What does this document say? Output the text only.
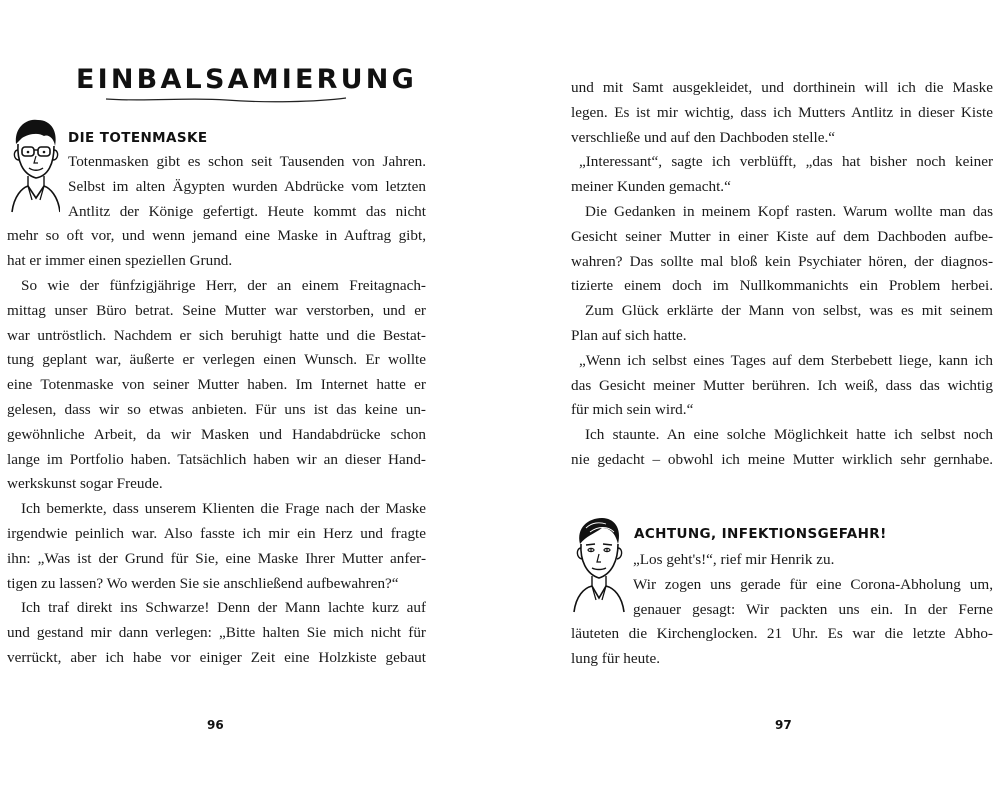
EINBALSAMIERUNG
DIE TOTENMASKE
Totenmasken gibt es schon seit Tausenden von Jahren.
Selbst im alten Ägypten wurden Abdrücke vom letzten
Antlitz der Könige gefertigt. Heute kommt das nicht
mehr so oft vor, und wenn jemand eine Maske in Auftrag gibt,
hat er immer einen speziellen Grund.
So wie der fünfzigjährige Herr, der an einem Freitagnach-
mittag unser Büro betrat. Seine Mutter war verstorben, und er
war untröstlich. Nachdem er sich beruhigt hatte und die Bestat-
tung geplant war, äußerte er verlegen einen Wunsch. Er wollte
eine Totenmaske von seiner Mutter haben. Im Internet hatte er
gelesen, dass wir so etwas anbieten. Für uns ist das keine un-
gewöhnliche Arbeit, da wir Masken und Handabdrücke schon
lange im Portfolio haben. Tatsächlich haben wir an dieser Hand-
werkskunst sogar Freude.
Ich bemerkte, dass unserem Klienten die Frage nach der Maske
irgendwie peinlich war. Also fasste ich mir ein Herz und fragte
ihn: „Was ist der Grund für Sie, eine Maske Ihrer Mutter anfer-
tigen zu lassen? Wo werden Sie sie anschließend aufbewahren?“
Ich traf direkt ins Schwarze! Denn der Mann lachte kurz auf
und gestand mir dann verlegen: „Bitte halten Sie mich nicht für
verrückt, aber ich habe vor einiger Zeit eine Holzkiste gebaut
96
und mit Samt ausgekleidet, und dorthinein will ich die Maske
legen. Es ist mir wichtig, dass ich Mutters Antlitz in dieser Kiste
verschließe und auf den Dachboden stelle.“
„Interessant“, sagte ich verblüfft, „das hat bisher noch keiner
meiner Kunden gemacht.“
Die Gedanken in meinem Kopf rasten. Warum wollte man das
Gesicht seiner Mutter in einer Kiste auf dem Dachboden aufbe-
wahren? Das sollte mal bloß kein Psychiater hören, der diagnos-
tizierte einem doch im Nullkommanichts ein Problem herbei.
Zum Glück erklärte der Mann von selbst, was es mit seinem
Plan auf sich hatte.
„Wenn ich selbst eines Tages auf dem Sterbebett liege, kann ich
das Gesicht meiner Mutter berühren. Ich weiß, dass das wichtig
für mich sein wird.“
Ich staunte. An eine solche Möglichkeit hatte ich selbst noch
nie gedacht – obwohl ich meine Mutter wirklich sehr gernhabe.
ACHTUNG, INFEKTIONSGEFAHR!
„Los geht's!“, rief mir Henrik zu.
Wir zogen uns gerade für eine Corona-Abholung um,
genauer gesagt: Wir packten uns ein. In der Ferne
läuteten die Kirchenglocken. 21 Uhr. Es war die letzte Abho-
lung für heute.
97
